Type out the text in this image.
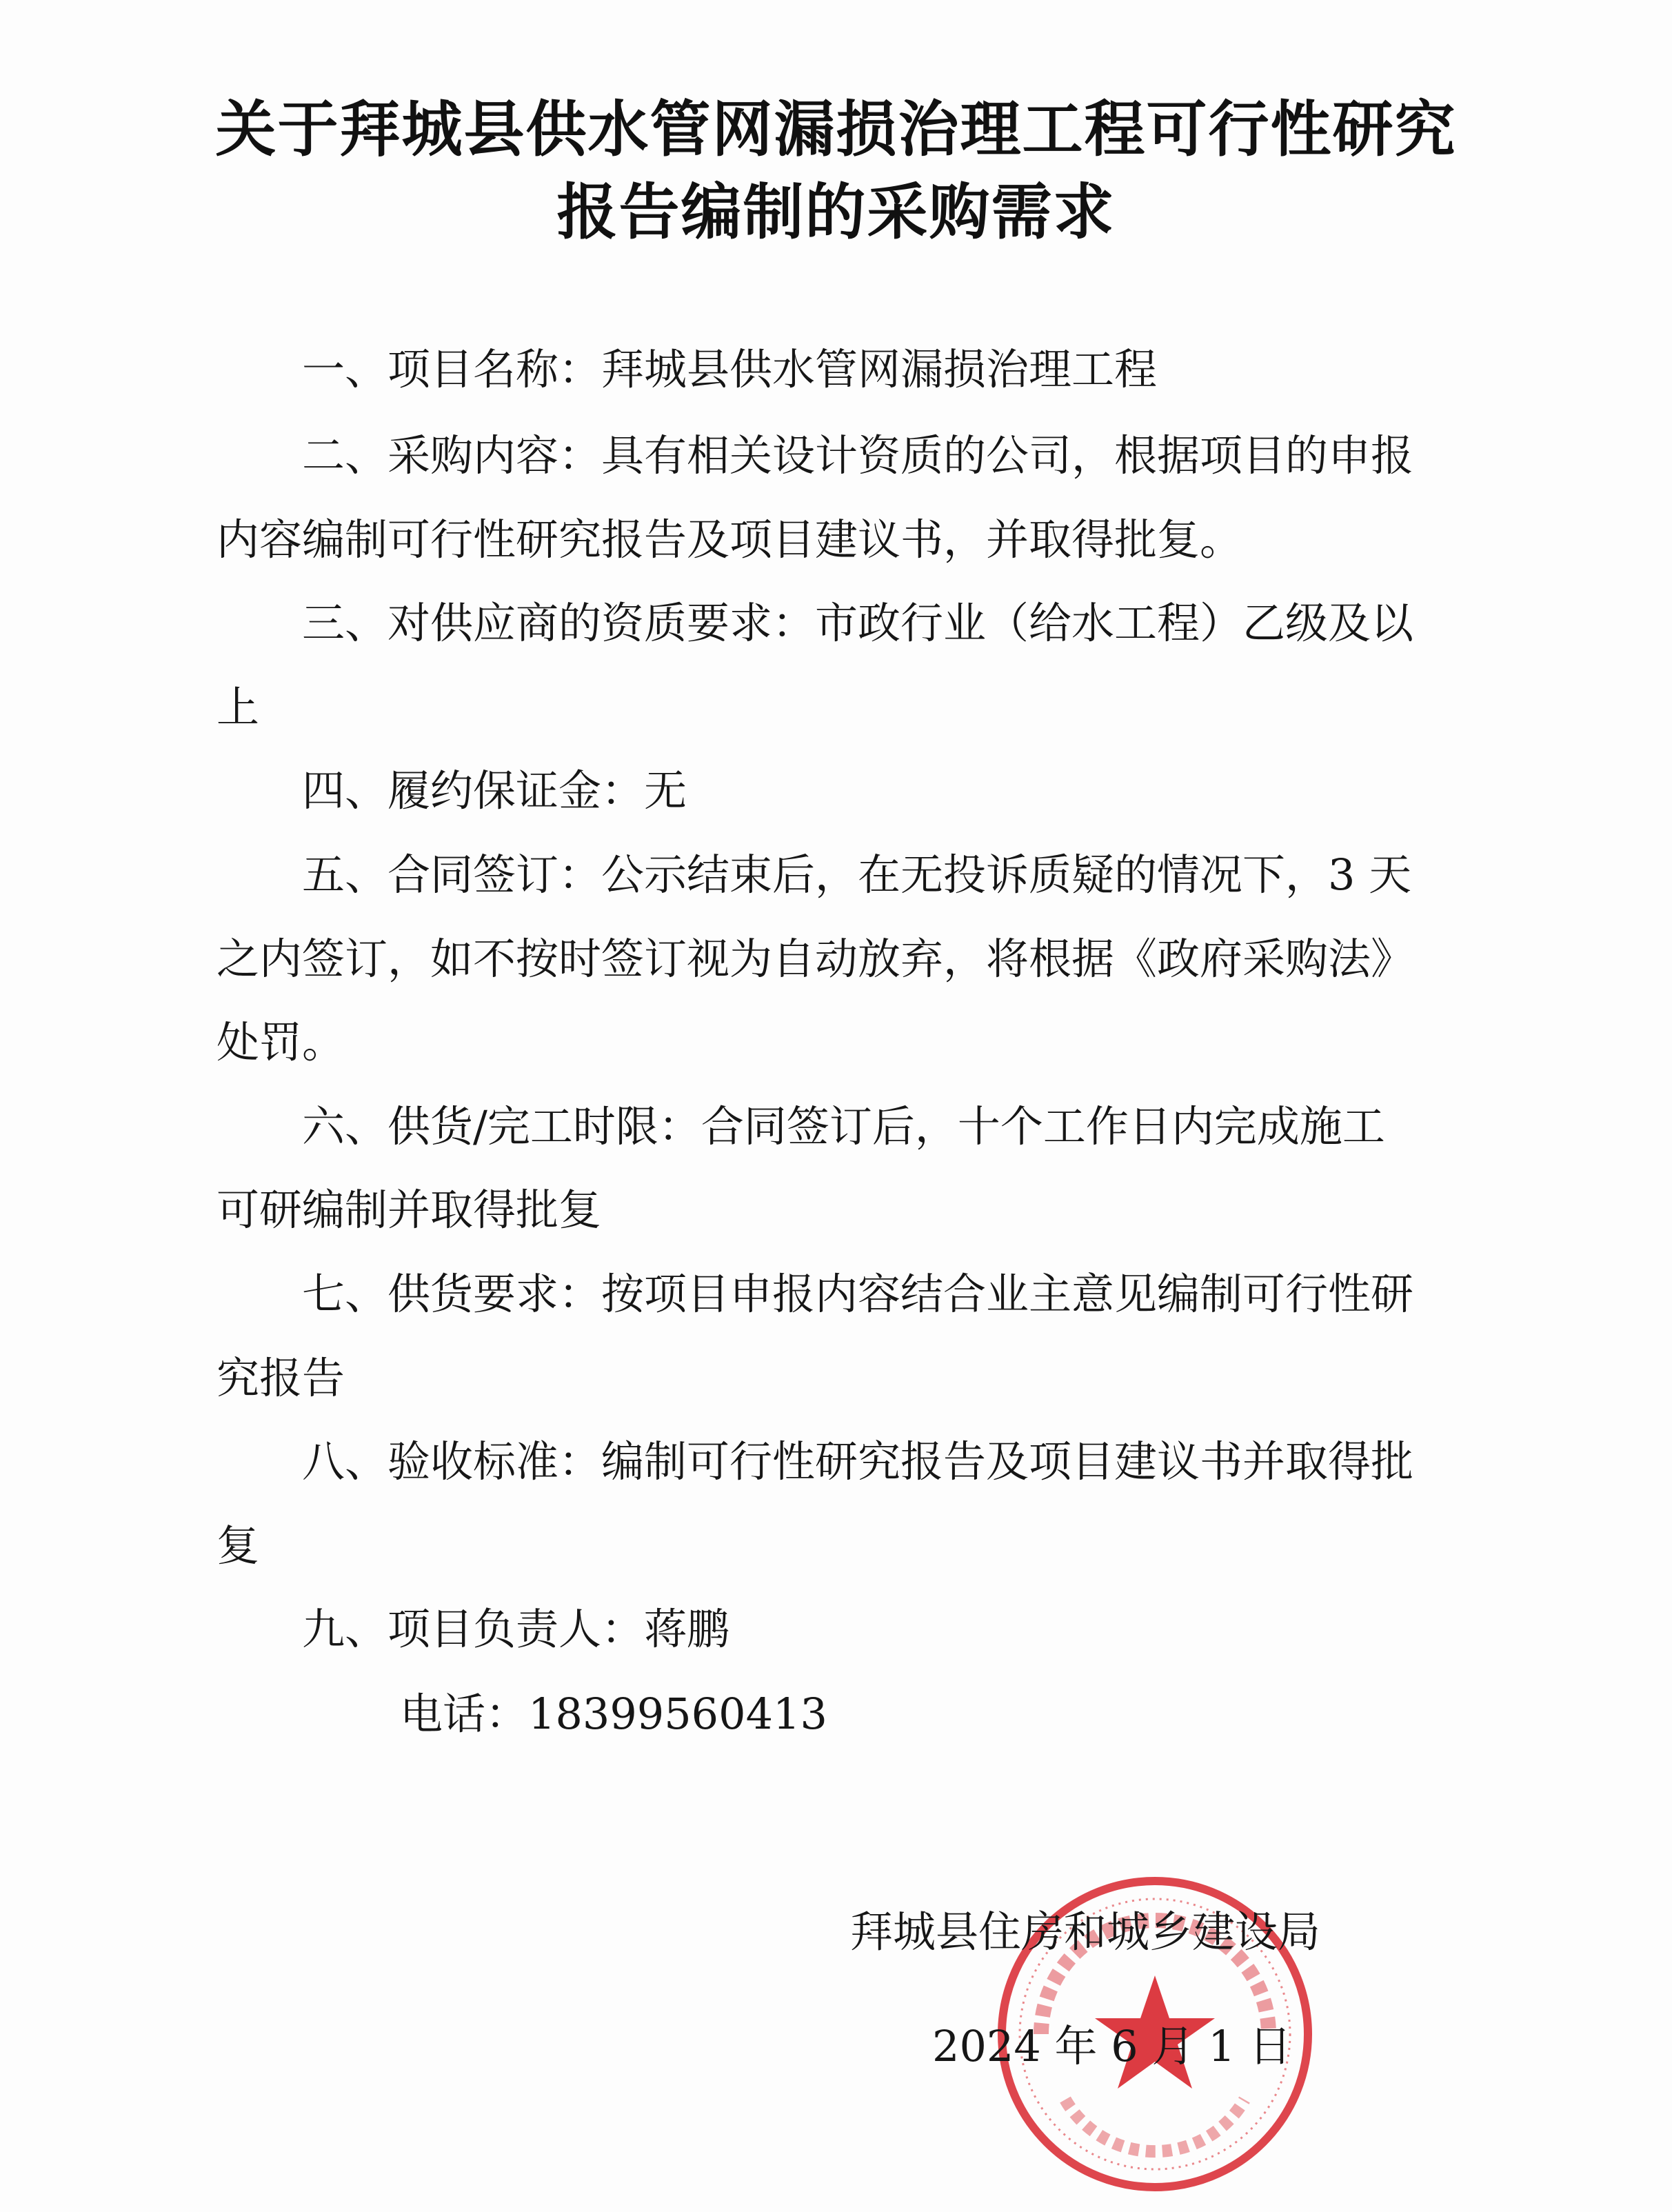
关于拜城县供水管网漏损治理工程可行性研究
报告编制的采购需求
一、项目名称：拜城县供水管网漏损治理工程
二、采购内容：具有相关设计资质的公司，根据项目的申报
内容编制可行性研究报告及项目建议书，并取得批复。
三、对供应商的资质要求：市政行业（给水工程）乙级及以
上
四、履约保证金：无
五、合同签订：公示结束后，在无投诉质疑的情况下，3 天
之内签订，如不按时签订视为自动放弃，将根据《政府采购法》
处罚。
六、供货/完工时限：合同签订后，十个工作日内完成施工
可研编制并取得批复
七、供货要求：按项目申报内容结合业主意见编制可行性研
究报告
八、验收标准：编制可行性研究报告及项目建议书并取得批
复
九、项目负责人：蒋鹏
电话：18399560413
拜城县住房和城乡建设局
2024 年 6 月 1 日
